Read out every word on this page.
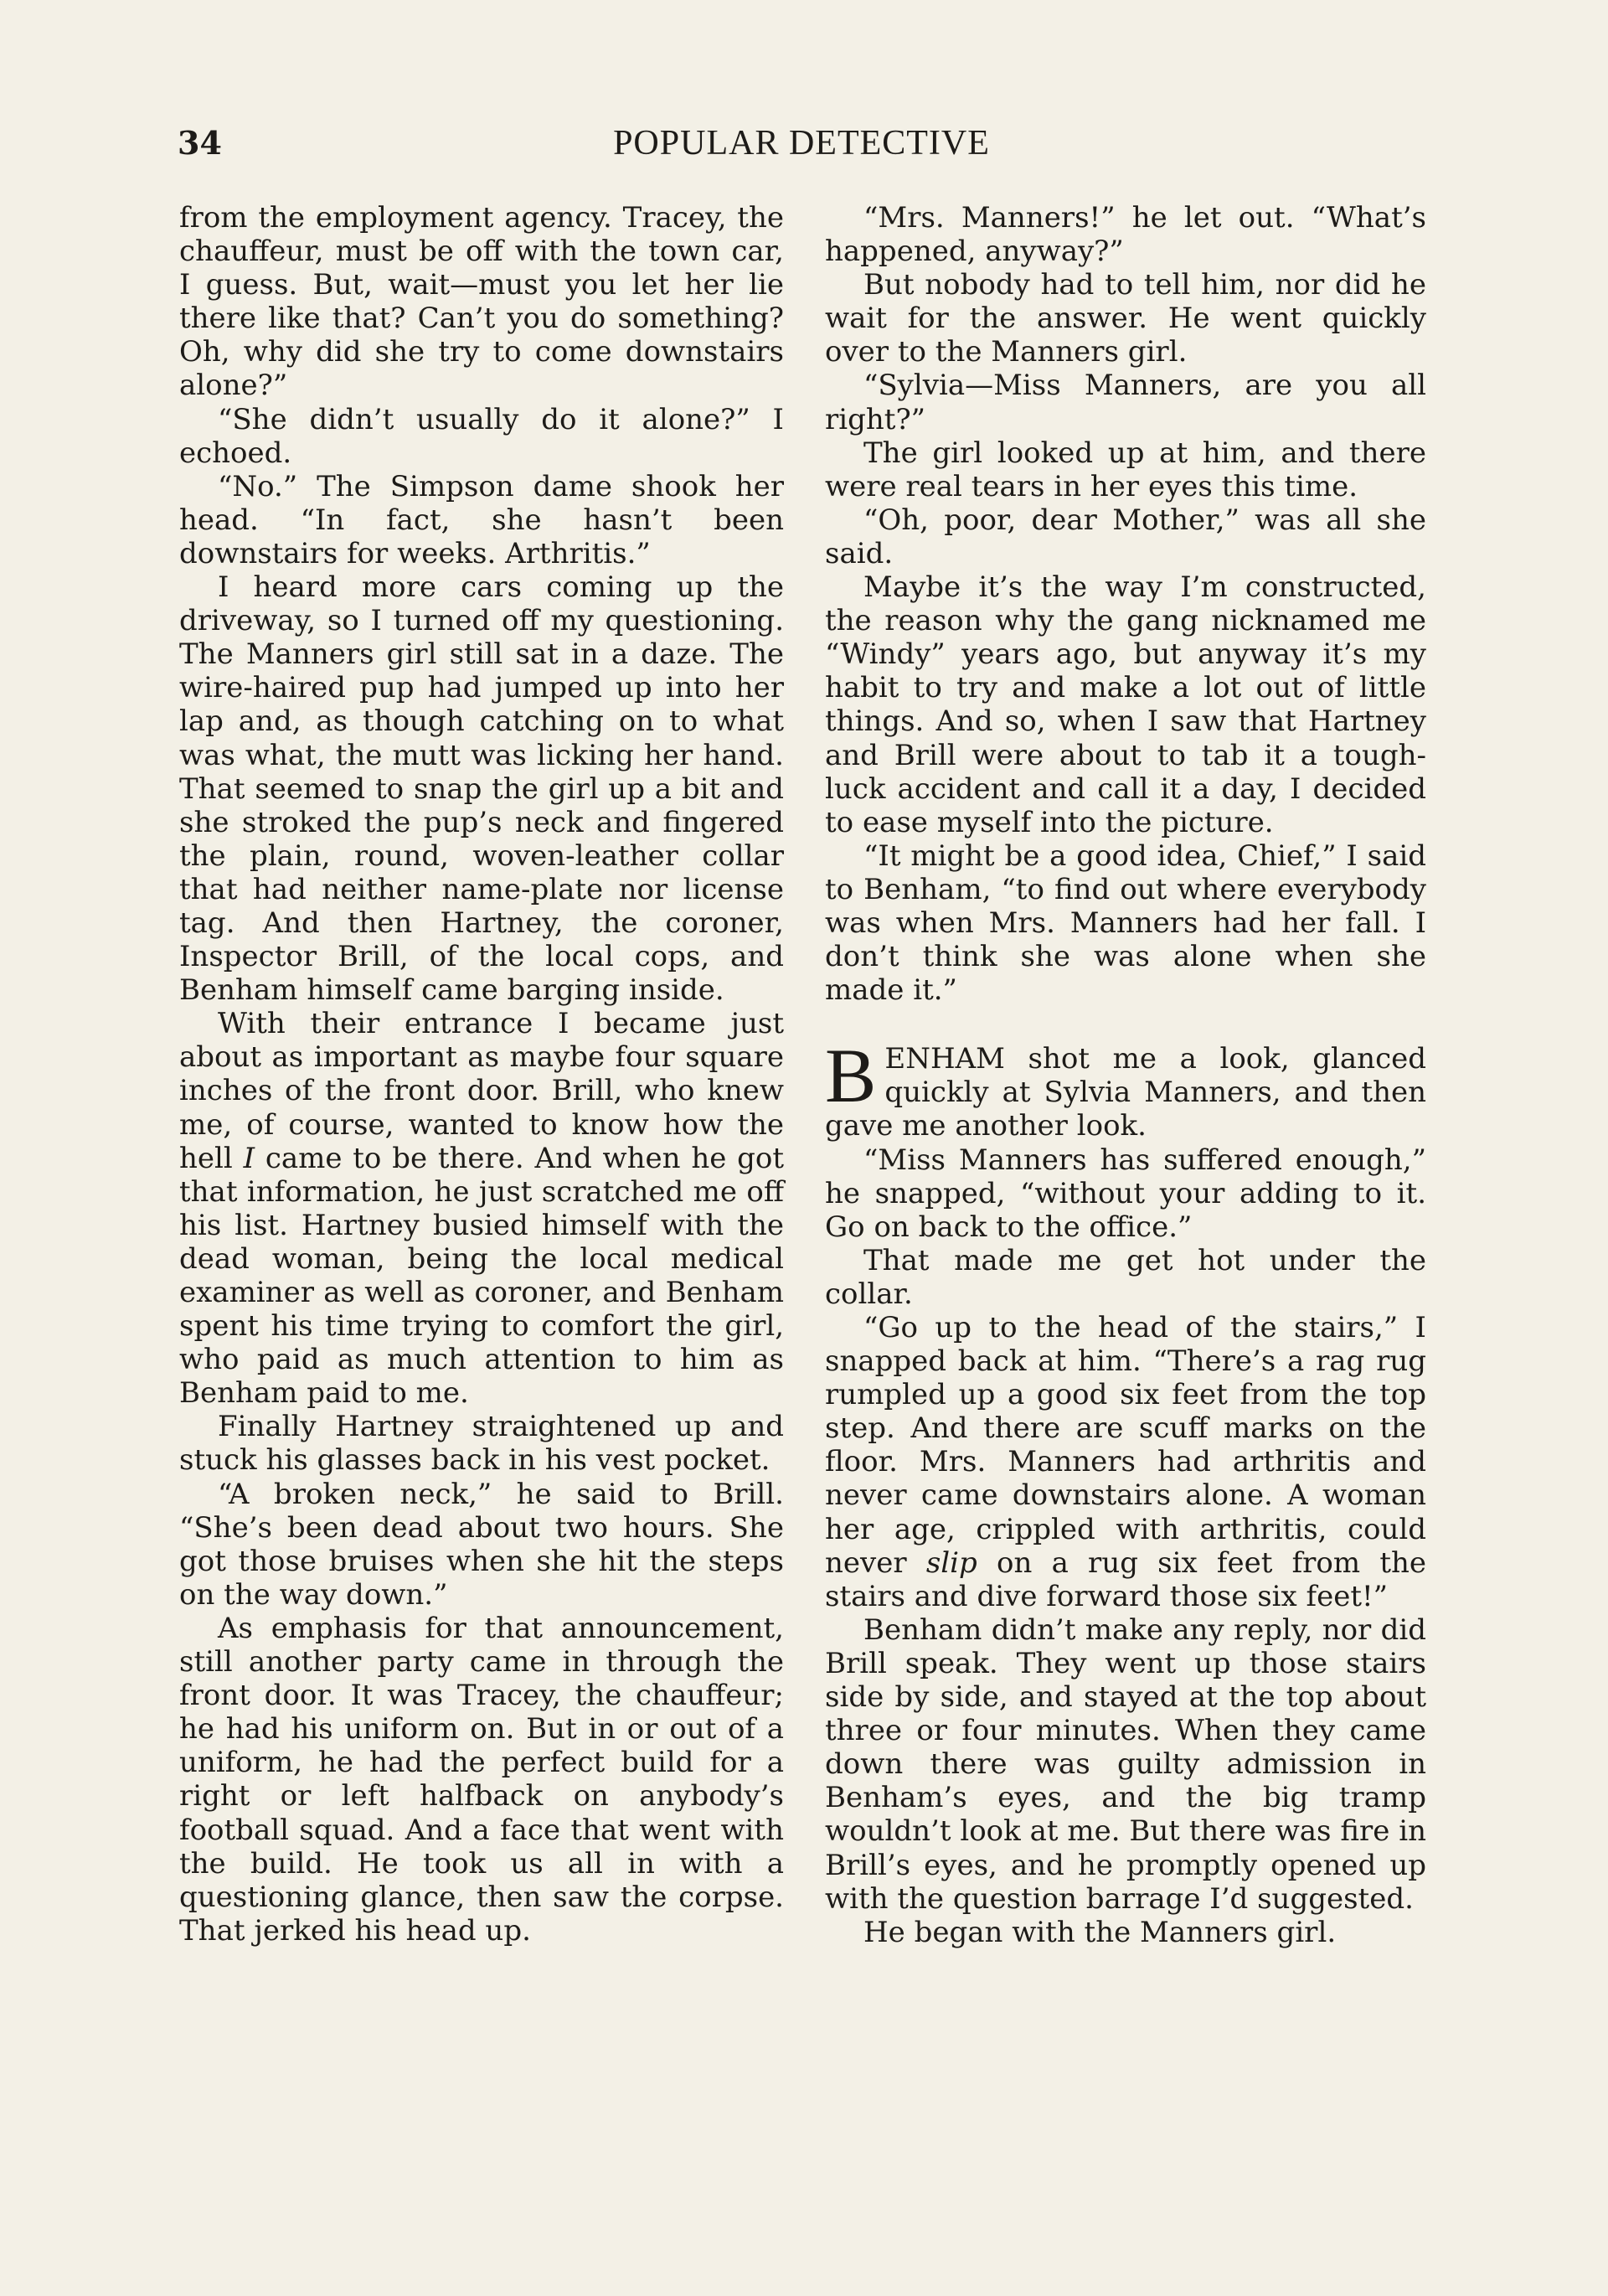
34	POPULAR DETECTIVE

from the employment agency. Tracey, the chauffeur, must be off with the town car, I guess. But, wait—must you let her lie there like that? Can’t you do something? Oh, why did she try to come downstairs alone?”

“She didn’t usually do it alone?” I echoed.

“No.” The Simpson dame shook her head. “In fact, she hasn’t been downstairs for weeks. Arthritis.”

I heard more cars coming up the driveway, so I turned off my questioning. The Manners girl still sat in a daze. The wire-haired pup had jumped up into her lap and, as though catching on to what was what, the mutt was licking her hand. That seemed to snap the girl up a bit and she stroked the pup’s neck and fingered the plain, round, woven-leather collar that had neither name-plate nor license tag. And then Hartney, the coroner, Inspector Brill, of the local cops, and Benham himself came barging inside.

With their entrance I became just about as important as maybe four square inches of the front door. Brill, who knew me, of course, wanted to know how the hell I came to be there. And when he got that information, he just scratched me off his list. Hartney busied himself with the dead woman, being the local medical examiner as well as coroner, and Benham spent his time trying to comfort the girl, who paid as much attention to him as Benham paid to me.

Finally Hartney straightened up and stuck his glasses back in his vest pocket.

“A broken neck,” he said to Brill. “She’s been dead about two hours. She got those bruises when she hit the steps on the way down.”

As emphasis for that announcement, still another party came in through the front door. It was Tracey, the chauffeur; he had his uniform on. But in or out of a uniform, he had the perfect build for a right or left halfback on anybody’s football squad. And a face that went with the build. He took us all in with a questioning glance, then saw the corpse. That jerked his head up.

“Mrs. Manners!” he let out. “What’s happened, anyway?”

But nobody had to tell him, nor did he wait for the answer. He went quickly over to the Manners girl.

“Sylvia—Miss Manners, are you all right?”

The girl looked up at him, and there were real tears in her eyes this time.

“Oh, poor, dear Mother,” was all she said.

Maybe it’s the way I’m constructed, the reason why the gang nicknamed me “Windy” years ago, but anyway it’s my habit to try and make a lot out of little things. And so, when I saw that Hartney and Brill were about to tab it a tough-luck accident and call it a day, I decided to ease myself into the picture.

“It might be a good idea, Chief,” I said to Benham, “to find out where everybody was when Mrs. Manners had her fall. I don’t think she was alone when she made it.”

BENHAM shot me a look, glanced quickly at Sylvia Manners, and then gave me another look.

“Miss Manners has suffered enough,” he snapped, “without your adding to it. Go on back to the office.”

That made me get hot under the collar.

“Go up to the head of the stairs,” I snapped back at him. “There’s a rag rug rumpled up a good six feet from the top step. And there are scuff marks on the floor. Mrs. Manners had arthritis and never came downstairs alone. A woman her age, crippled with arthritis, could never slip on a rug six feet from the stairs and dive forward those six feet!”

Benham didn’t make any reply, nor did Brill speak. They went up those stairs side by side, and stayed at the top about three or four minutes. When they came down there was guilty admission in Benham’s eyes, and the big tramp wouldn’t look at me. But there was fire in Brill’s eyes, and he promptly opened up with the question barrage I’d suggested.

He began with the Manners girl.
